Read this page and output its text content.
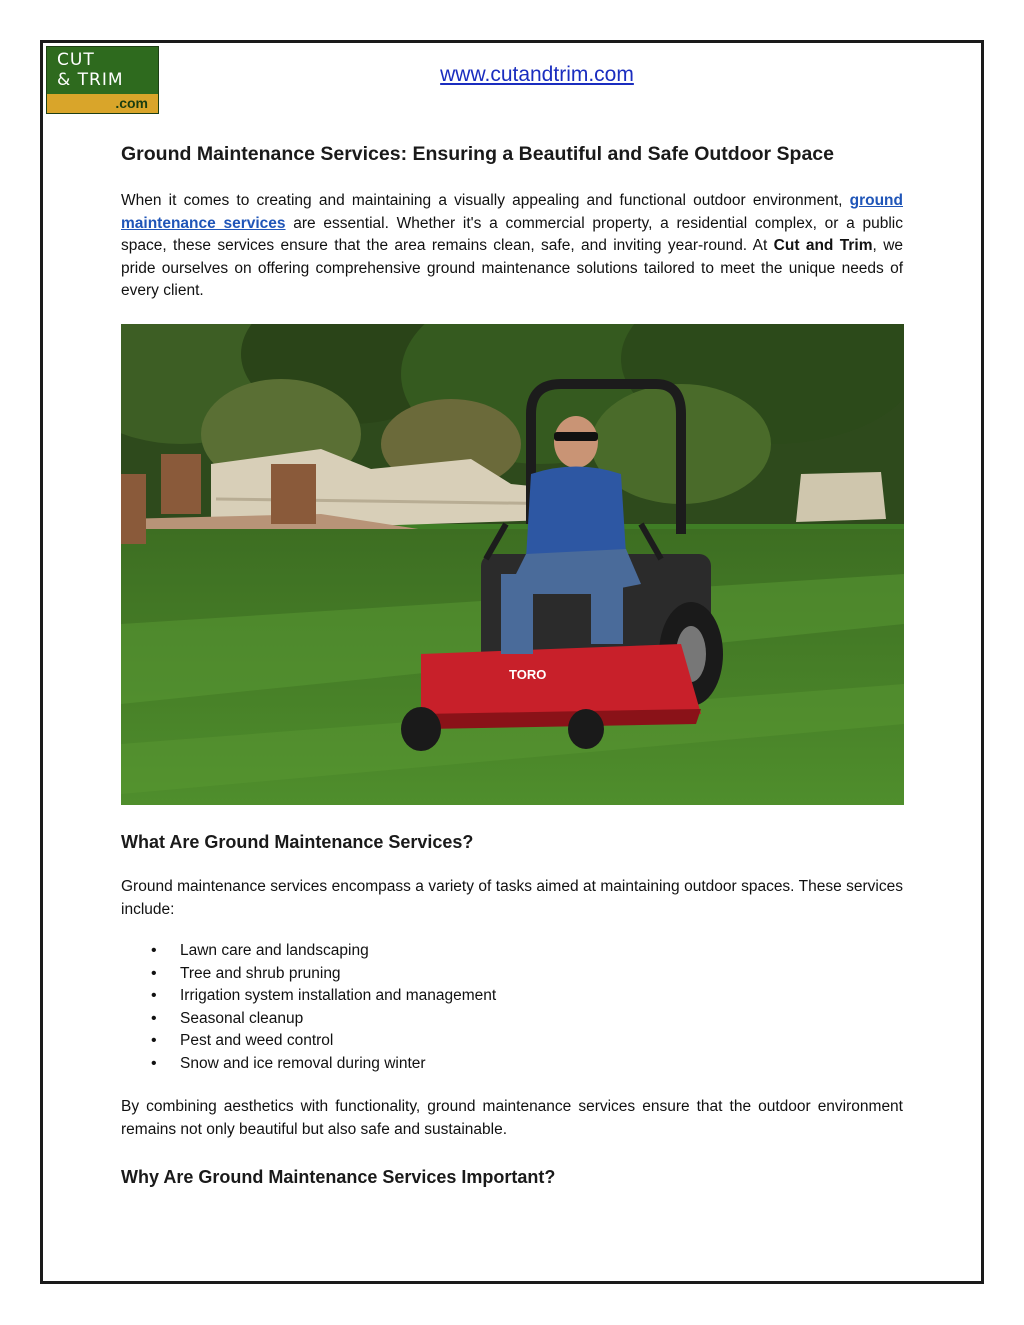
CUT
& TRIM
.com
www.cutandtrim.com
Ground Maintenance Services: Ensuring a Beautiful and Safe Outdoor Space

When it comes to creating and maintaining a visually appealing and functional outdoor environment, ground maintenance services are essential. Whether it's a commercial property, a residential complex, or a public space, these services ensure that the area remains clean, safe, and inviting year-round. At Cut and Trim, we pride ourselves on offering comprehensive ground maintenance solutions tailored to meet the unique needs of every client.

TORO
What Are Ground Maintenance Services?

Ground maintenance services encompass a variety of tasks aimed at maintaining outdoor spaces. These services include:

• Lawn care and landscaping
• Tree and shrub pruning
• Irrigation system installation and management
• Seasonal cleanup
• Pest and weed control
• Snow and ice removal during winter

By combining aesthetics with functionality, ground maintenance services ensure that the outdoor environment remains not only beautiful but also safe and sustainable.

Why Are Ground Maintenance Services Important?
